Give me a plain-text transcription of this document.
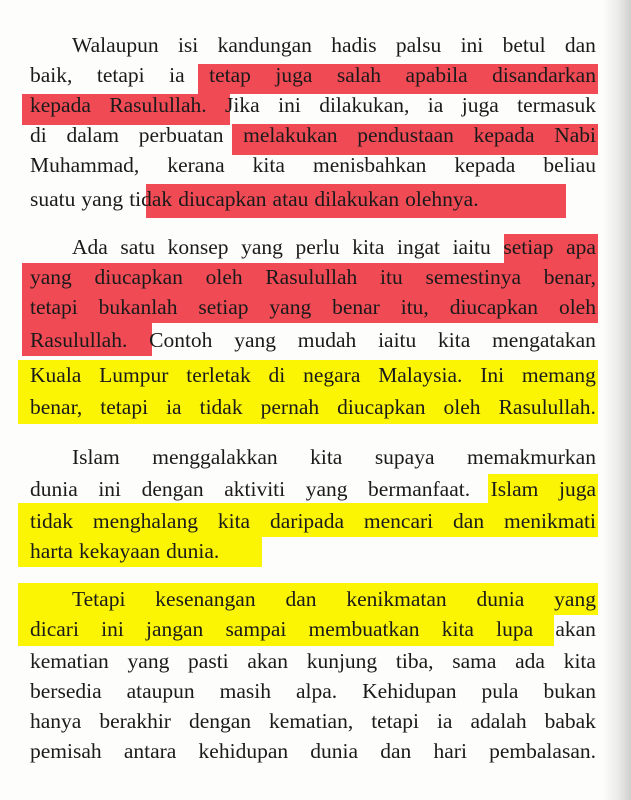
Walaupun isi kandungan hadis palsu ini betul dan
baik, tetapi ia tetap juga salah apabila disandarkan
kepada Rasulullah. Jika ini dilakukan, ia juga termasuk
di dalam perbuatan melakukan pendustaan kepada Nabi
Muhammad, kerana kita menisbahkan kepada beliau
suatu yang tidak diucapkan atau dilakukan olehnya.
Ada satu konsep yang perlu kita ingat iaitu setiap apa
yang diucapkan oleh Rasulullah itu semestinya benar,
tetapi bukanlah setiap yang benar itu, diucapkan oleh
Rasulullah. Contoh yang mudah iaitu kita mengatakan
Kuala Lumpur terletak di negara Malaysia. Ini memang
benar, tetapi ia tidak pernah diucapkan oleh Rasulullah.
Islam menggalakkan kita supaya memakmurkan
dunia ini dengan aktiviti yang bermanfaat. Islam juga
tidak menghalang kita daripada mencari dan menikmati
harta kekayaan dunia.
Tetapi kesenangan dan kenikmatan dunia yang
dicari ini jangan sampai membuatkan kita lupa akan
kematian yang pasti akan kunjung tiba, sama ada kita
bersedia ataupun masih alpa. Kehidupan pula bukan
hanya berakhir dengan kematian, tetapi ia adalah babak
pemisah antara kehidupan dunia dan hari pembalasan.
